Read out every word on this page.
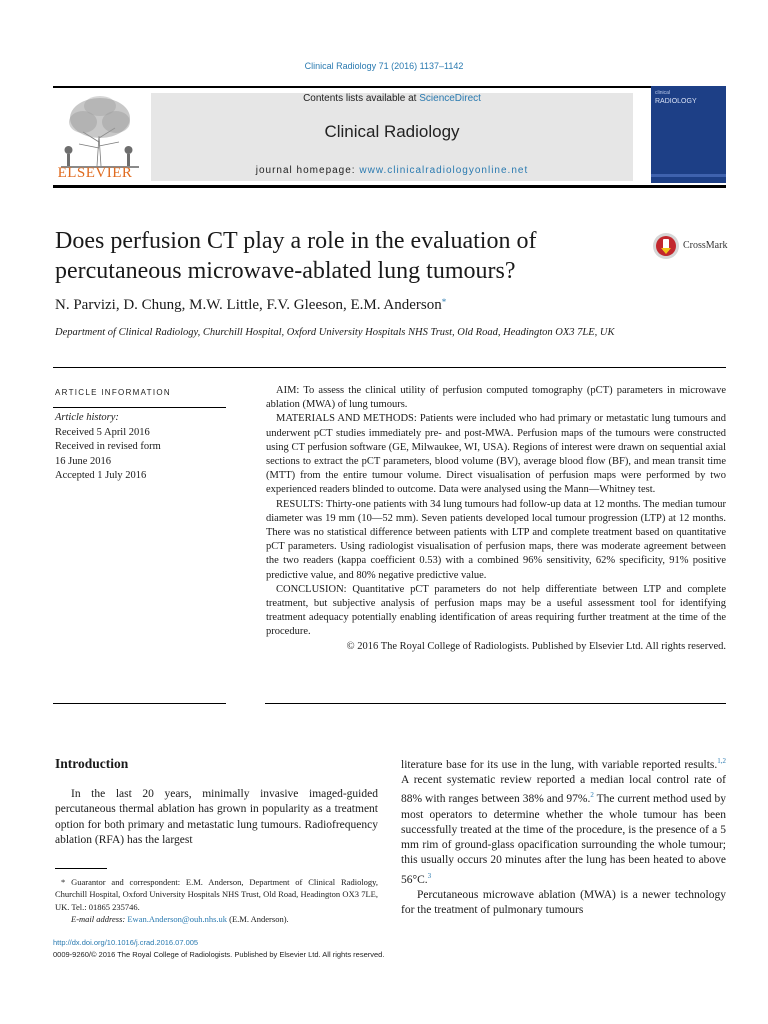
Clinical Radiology 71 (2016) 1137–1142
ELSEVIER
Contents lists available at ScienceDirect
Clinical Radiology
journal homepage: www.clinicalradiologyonline.net
clinical
RADIOLOGY
Does perfusion CT play a role in the evaluation of percutaneous microwave-ablated lung tumours?
CrossMark
N. Parvizi, D. Chung, M.W. Little, F.V. Gleeson, E.M. Anderson*
Department of Clinical Radiology, Churchill Hospital, Oxford University Hospitals NHS Trust, Old Road, Headington OX3 7LE, UK
ARTICLE INFORMATION
Article history:
Received 5 April 2016
Received in revised form
16 June 2016
Accepted 1 July 2016

AIM: To assess the clinical utility of perfusion computed tomography (pCT) parameters in microwave ablation (MWA) of lung tumours.

MATERIALS AND METHODS: Patients were included who had primary or metastatic lung tumours and underwent pCT studies immediately pre- and post-MWA. Perfusion maps of the tumours were constructed using CT perfusion software (GE, Milwaukee, WI, USA). Regions of interest were drawn on sequential axial sections to extract the pCT parameters, blood volume (BV), average blood flow (BF), and mean transit time (MTT) from the entire tumour volume. Direct visualisation of perfusion maps were performed by two experienced readers blinded to outcome. Data were analysed using the Mann—Whitney test.

RESULTS: Thirty-one patients with 34 lung tumours had follow-up data at 12 months. The median tumour diameter was 19 mm (10—52 mm). Seven patients developed local tumour progression (LTP) at 12 months. There was no statistical difference between patients with LTP and complete treatment based on quantitative pCT parameters. Using radiologist visualisation of perfusion maps, there was moderate agreement between the two readers (kappa coefficient 0.53) with a combined 96% sensitivity, 62% specificity, 91% positive predictive value, and 80% negative predictive value.

CONCLUSION: Quantitative pCT parameters do not help differentiate between LTP and complete treatment, but subjective analysis of perfusion maps may be a useful assessment tool for identifying treatment adequacy potentially enabling identification of areas requiring further treatment at the time of the procedure.

© 2016 The Royal College of Radiologists. Published by Elsevier Ltd. All rights reserved.

Introduction

In the last 20 years, minimally invasive imaged-guided percutaneous thermal ablation has grown in popularity as a treatment option for both primary and metastatic lung tumours. Radiofrequency ablation (RFA) has the largest

literature base for its use in the lung, with variable reported results.$^{1,2}$ A recent systematic review reported a median local control rate of 88% with ranges between 38% and 97%.$^2$ The current method used by most operators to determine whether the whole tumour has been successfully treated at the time of the procedure, is the presence of a 5 mm rim of ground-glass opacification surrounding the whole tumour; this usually occurs 20 minutes after the lung has been heated to above 56°C.$^3$

Percutaneous microwave ablation (MWA) is a newer technology for the treatment of pulmonary tumours

* Guarantor and correspondent: E.M. Anderson, Department of Clinical Radiology, Churchill Hospital, Oxford University Hospitals NHS Trust, Old Road, Headington OX3 7LE, UK. Tel.: 01865 235746.

E-mail address: Ewan.Anderson@ouh.nhs.uk (E.M. Anderson).

http://dx.doi.org/10.1016/j.crad.2016.07.005
0009-9260/© 2016 The Royal College of Radiologists. Published by Elsevier Ltd. All rights reserved.
